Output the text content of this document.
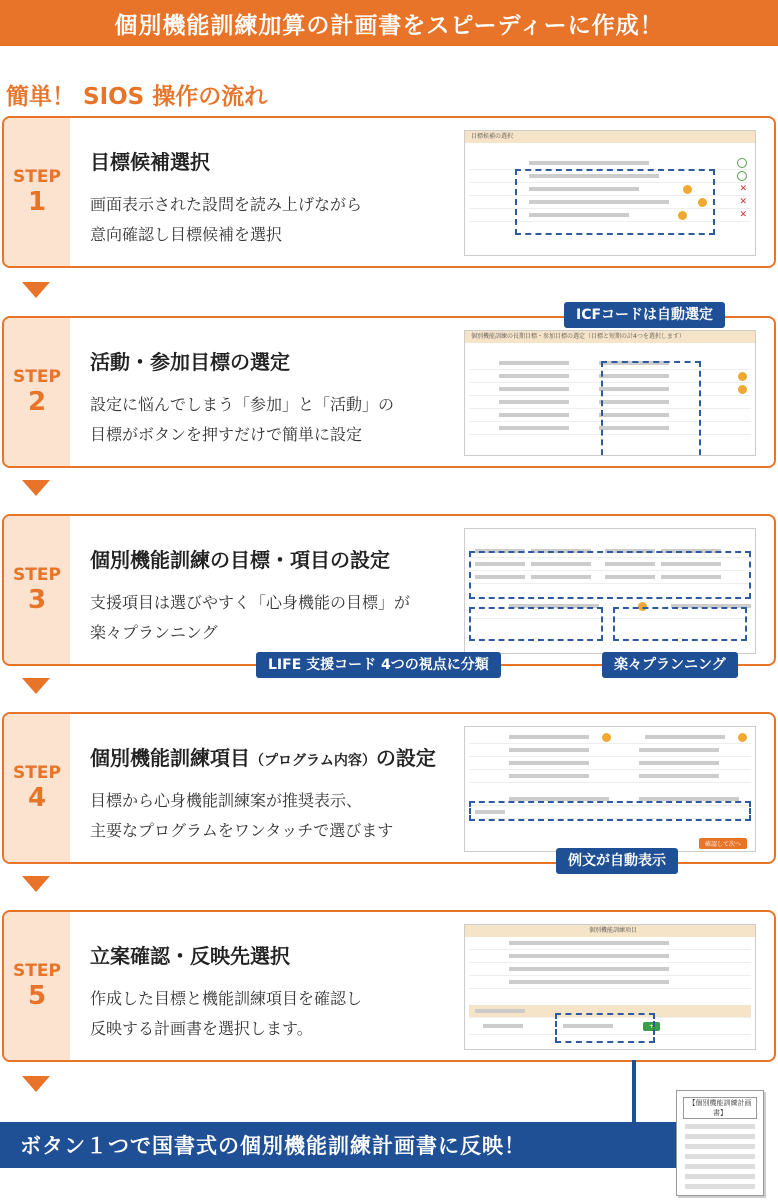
個別機能訓練加算の計画書をスピーディーに作成！
簡単！ SIOS 操作の流れ
STEP
1
目標候補選択
画面表示された設問を読み上げながら
意向確認し目標候補を選択
目標候補の選択
✕
✕
✕
STEP
2
活動・参加目標の選定
設定に悩んでしまう「参加」と「活動」の
目標がボタンを押すだけで簡単に設定
個別機能訓練の長期目標・参加目標の選定（目標と短期の計4つを選択します）
ICFコードは自動選定
STEP
3
個別機能訓練の目標・項目の設定
支援項目は選びやすく「心身機能の目標」が
楽々プランニング
LIFE 支援コード 4つの視点に分類	楽々プランニング
STEP
4
個別機能訓練項目（プログラム内容）の設定
目標から心身機能訓練案が推奨表示、
主要なプログラムをワンタッチで選びます
確認して次へ
例文が自動表示
STEP
5
立案確認・反映先選択
作成した目標と機能訓練項目を確認し
反映する計画書を選択します。
個別機能訓練項目
+
ボタン１つで国書式の個別機能訓練計画書に反映！
【個別機能訓練計画書】
